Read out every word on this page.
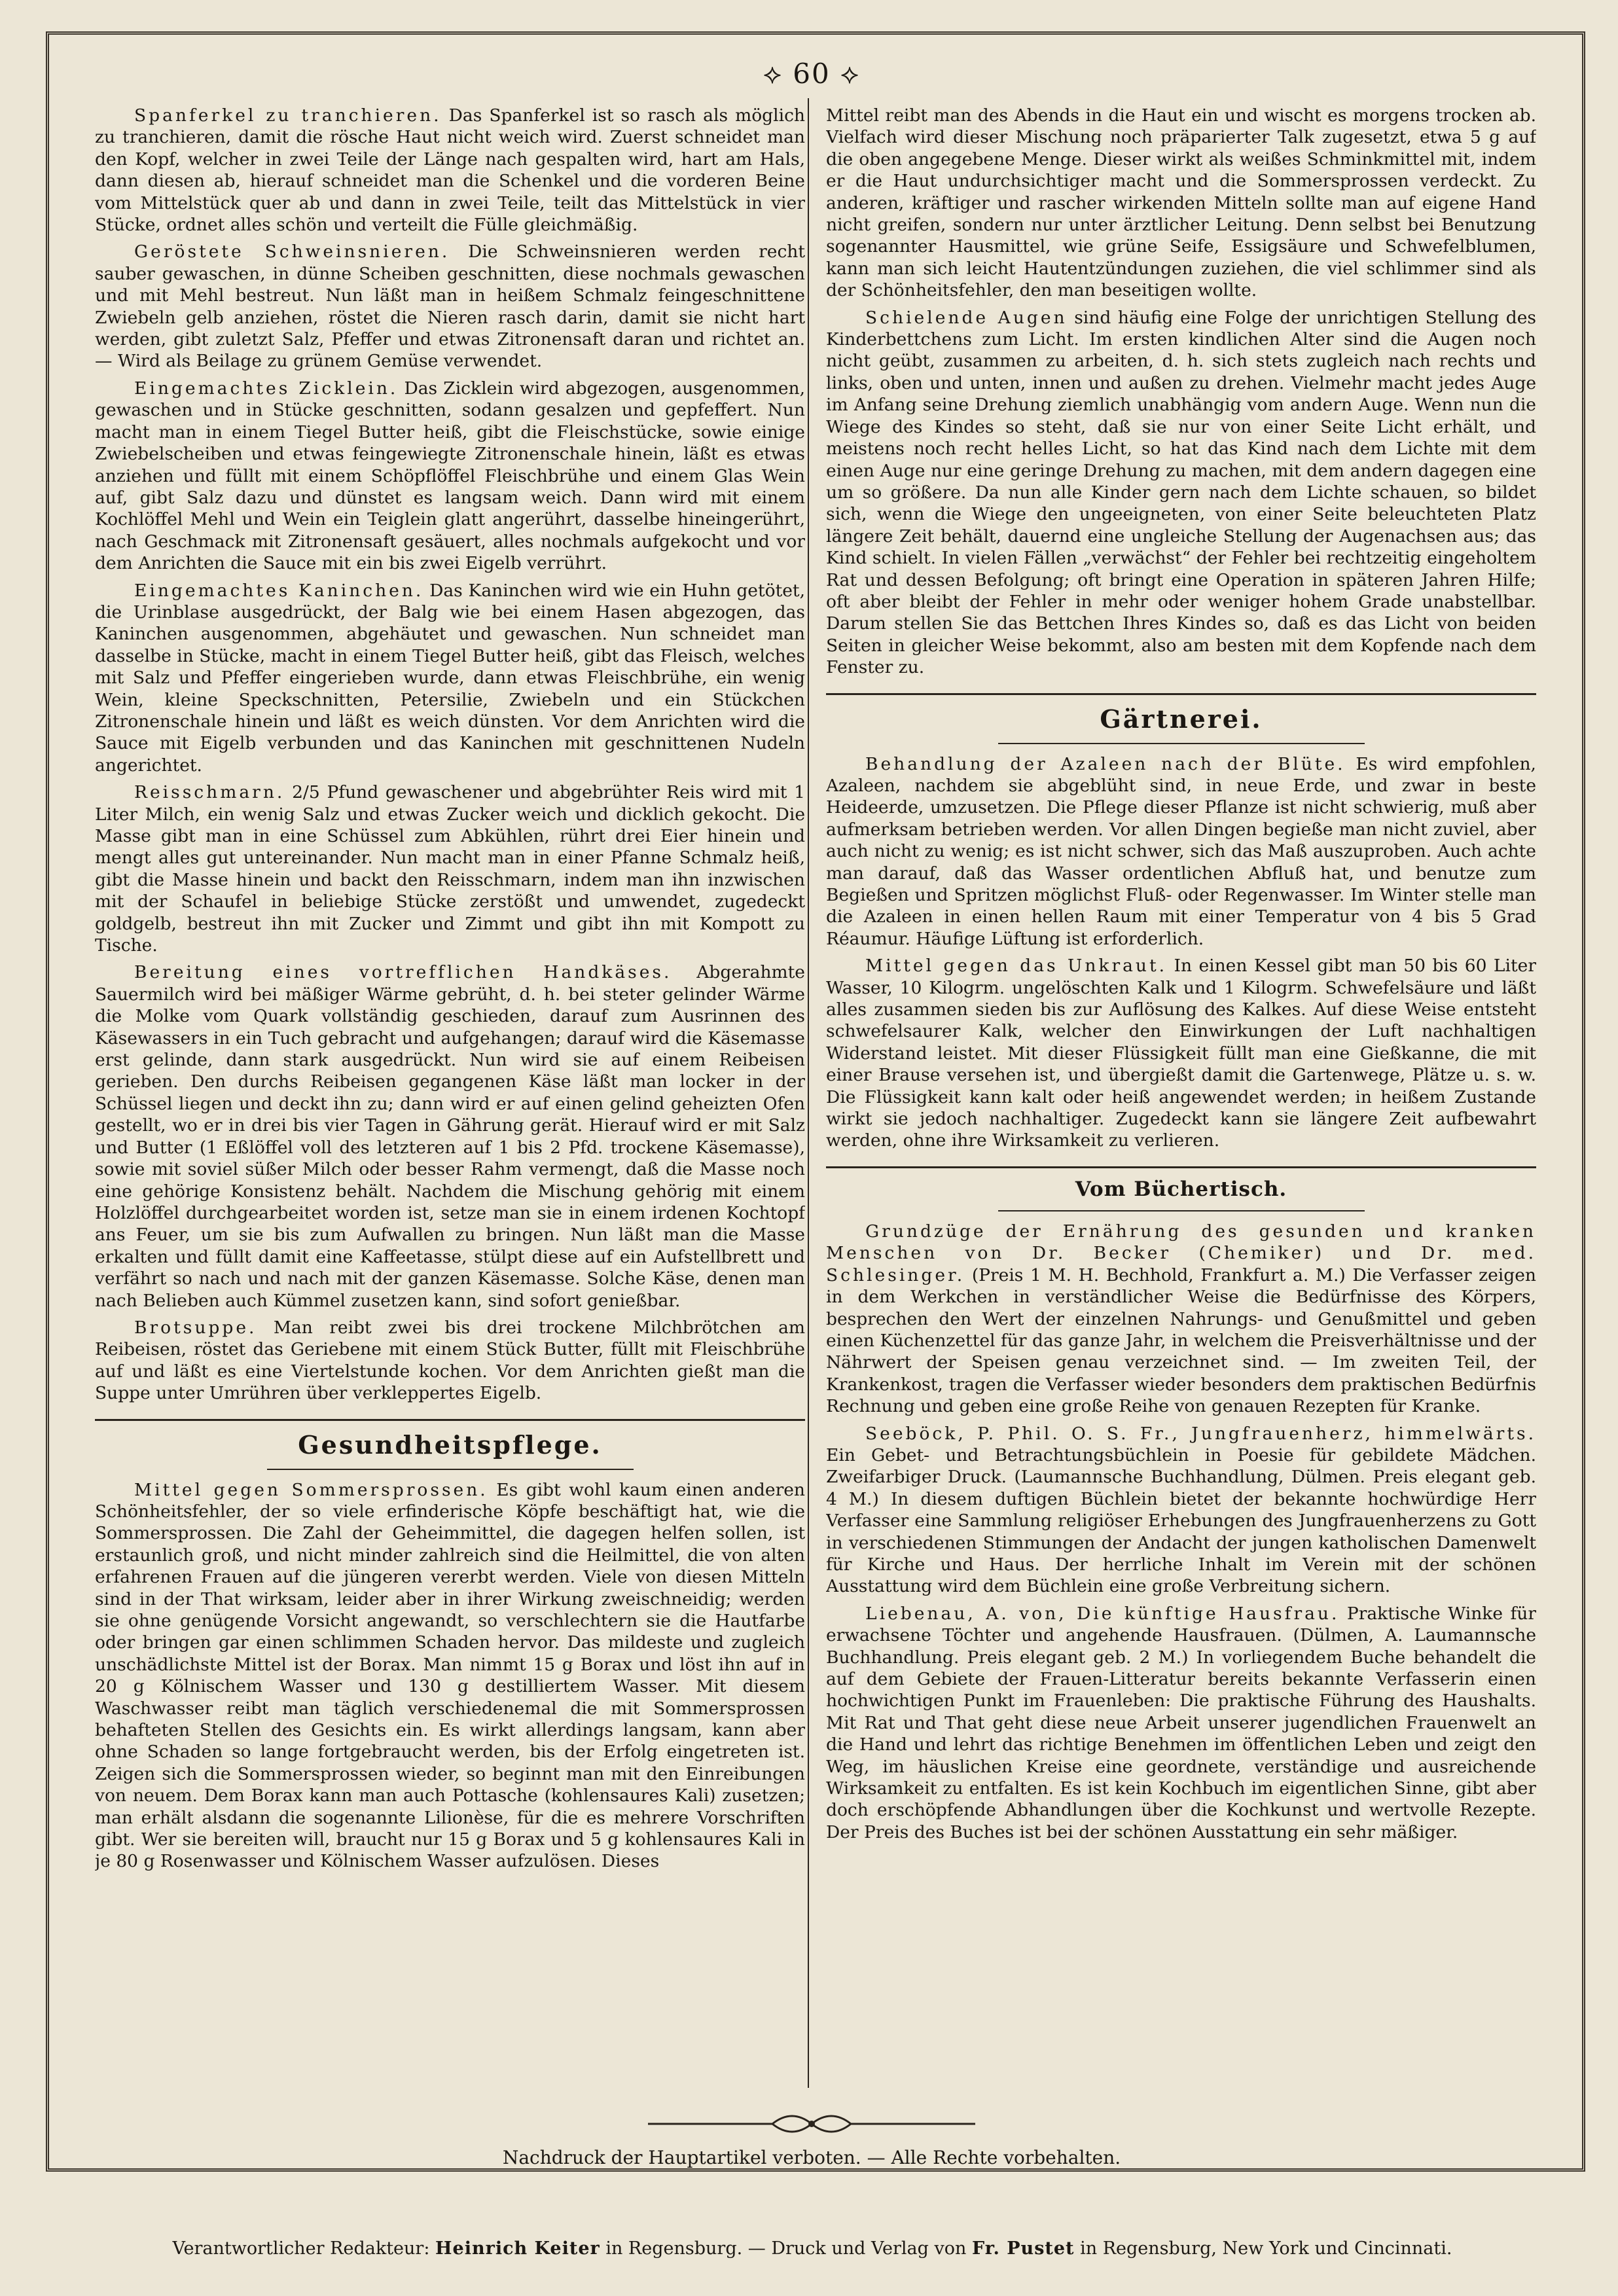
⟡ 60 ⟡

Spanferkel zu tranchieren. Das Spanferkel ist so rasch als möglich zu tranchieren, damit die rösche Haut nicht weich wird. Zuerst schneidet man den Kopf, welcher in zwei Teile der Länge nach gespalten wird, hart am Hals, dann diesen ab, hierauf schneidet man die Schenkel und die vorderen Beine vom Mittelstück quer ab und dann in zwei Teile, teilt das Mittelstück in vier Stücke, ordnet alles schön und verteilt die Fülle gleichmäßig.

Geröstete Schweinsnieren. Die Schweinsnieren werden recht sauber gewaschen, in dünne Scheiben geschnitten, diese nochmals gewaschen und mit Mehl bestreut. Nun läßt man in heißem Schmalz feingeschnittene Zwiebeln gelb anziehen, röstet die Nieren rasch darin, damit sie nicht hart werden, gibt zuletzt Salz, Pfeffer und etwas Zitronensaft daran und richtet an. — Wird als Beilage zu grünem Gemüse verwendet.

Eingemachtes Zicklein. Das Zicklein wird abgezogen, ausgenommen, gewaschen und in Stücke geschnitten, sodann gesalzen und gepfeffert. Nun macht man in einem Tiegel Butter heiß, gibt die Fleischstücke, sowie einige Zwiebelscheiben und etwas feingewiegte Zitronenschale hinein, läßt es etwas anziehen und füllt mit einem Schöpflöffel Fleischbrühe und einem Glas Wein auf, gibt Salz dazu und dünstet es langsam weich. Dann wird mit einem Kochlöffel Mehl und Wein ein Teiglein glatt angerührt, dasselbe hineingerührt, nach Geschmack mit Zitronensaft gesäuert, alles nochmals aufgekocht und vor dem Anrichten die Sauce mit ein bis zwei Eigelb verrührt.

Eingemachtes Kaninchen. Das Kaninchen wird wie ein Huhn getötet, die Urinblase ausgedrückt, der Balg wie bei einem Hasen abgezogen, das Kaninchen ausgenommen, abgehäutet und gewaschen. Nun schneidet man dasselbe in Stücke, macht in einem Tiegel Butter heiß, gibt das Fleisch, welches mit Salz und Pfeffer eingerieben wurde, dann etwas Fleischbrühe, ein wenig Wein, kleine Speckschnitten, Petersilie, Zwiebeln und ein Stückchen Zitronenschale hinein und läßt es weich dünsten. Vor dem Anrichten wird die Sauce mit Eigelb verbunden und das Kaninchen mit geschnittenen Nudeln angerichtet.

Reisschmarn. 2/5 Pfund gewaschener und abgebrühter Reis wird mit 1 Liter Milch, ein wenig Salz und etwas Zucker weich und dicklich gekocht. Die Masse gibt man in eine Schüssel zum Abkühlen, rührt drei Eier hinein und mengt alles gut untereinander. Nun macht man in einer Pfanne Schmalz heiß, gibt die Masse hinein und backt den Reisschmarn, indem man ihn inzwischen mit der Schaufel in beliebige Stücke zerstößt und umwendet, zugedeckt goldgelb, bestreut ihn mit Zucker und Zimmt und gibt ihn mit Kompott zu Tische.

Bereitung eines vortrefflichen Handkäses. Abgerahmte Sauermilch wird bei mäßiger Wärme gebrüht, d. h. bei steter gelinder Wärme die Molke vom Quark vollständig geschieden, darauf zum Ausrinnen des Käsewassers in ein Tuch gebracht und aufgehangen; darauf wird die Käsemasse erst gelinde, dann stark ausgedrückt. Nun wird sie auf einem Reibeisen gerieben. Den durchs Reibeisen gegangenen Käse läßt man locker in der Schüssel liegen und deckt ihn zu; dann wird er auf einen gelind geheizten Ofen gestellt, wo er in drei bis vier Tagen in Gährung gerät. Hierauf wird er mit Salz und Butter (1 Eßlöffel voll des letzteren auf 1 bis 2 Pfd. trockene Käsemasse), sowie mit soviel süßer Milch oder besser Rahm vermengt, daß die Masse noch eine gehörige Konsistenz behält. Nachdem die Mischung gehörig mit einem Holzlöffel durchgearbeitet worden ist, setze man sie in einem irdenen Kochtopf ans Feuer, um sie bis zum Aufwallen zu bringen. Nun läßt man die Masse erkalten und füllt damit eine Kaffeetasse, stülpt diese auf ein Aufstellbrett und verfährt so nach und nach mit der ganzen Käsemasse. Solche Käse, denen man nach Belieben auch Kümmel zusetzen kann, sind sofort genießbar.

Brotsuppe. Man reibt zwei bis drei trockene Milchbrötchen am Reibeisen, röstet das Geriebene mit einem Stück Butter, füllt mit Fleischbrühe auf und läßt es eine Viertelstunde kochen. Vor dem Anrichten gießt man die Suppe unter Umrühren über verkleppertes Eigelb.

Gesundheitspflege.

Mittel gegen Sommersprossen. Es gibt wohl kaum einen anderen Schönheitsfehler, der so viele erfinderische Köpfe beschäftigt hat, wie die Sommersprossen. Die Zahl der Geheimmittel, die dagegen helfen sollen, ist erstaunlich groß, und nicht minder zahlreich sind die Heilmittel, die von alten erfahrenen Frauen auf die jüngeren vererbt werden. Viele von diesen Mitteln sind in der That wirksam, leider aber in ihrer Wirkung zweischneidig; werden sie ohne genügende Vorsicht angewandt, so verschlechtern sie die Hautfarbe oder bringen gar einen schlimmen Schaden hervor. Das mildeste und zugleich unschädlichste Mittel ist der Borax. Man nimmt 15 g Borax und löst ihn auf in 20 g Kölnischem Wasser und 130 g destilliertem Wasser. Mit diesem Waschwasser reibt man täglich verschiedenemal die mit Sommersprossen behafteten Stellen des Gesichts ein. Es wirkt allerdings langsam, kann aber ohne Schaden so lange fortgebraucht werden, bis der Erfolg eingetreten ist. Zeigen sich die Sommersprossen wieder, so beginnt man mit den Einreibungen von neuem. Dem Borax kann man auch Pottasche (kohlensaures Kali) zusetzen; man erhält alsdann die sogenannte Lilionèse, für die es mehrere Vorschriften gibt. Wer sie bereiten will, braucht nur 15 g Borax und 5 g kohlensaures Kali in je 80 g Rosenwasser und Kölnischem Wasser aufzulösen. Dieses

Mittel reibt man des Abends in die Haut ein und wischt es morgens trocken ab. Vielfach wird dieser Mischung noch präparierter Talk zugesetzt, etwa 5 g auf die oben angegebene Menge. Dieser wirkt als weißes Schminkmittel mit, indem er die Haut undurchsichtiger macht und die Sommersprossen verdeckt. Zu anderen, kräftiger und rascher wirkenden Mitteln sollte man auf eigene Hand nicht greifen, sondern nur unter ärztlicher Leitung. Denn selbst bei Benutzung sogenannter Hausmittel, wie grüne Seife, Essigsäure und Schwefelblumen, kann man sich leicht Hautentzündungen zuziehen, die viel schlimmer sind als der Schönheitsfehler, den man beseitigen wollte.

Schielende Augen sind häufig eine Folge der unrichtigen Stellung des Kinderbettchens zum Licht. Im ersten kindlichen Alter sind die Augen noch nicht geübt, zusammen zu arbeiten, d. h. sich stets zugleich nach rechts und links, oben und unten, innen und außen zu drehen. Vielmehr macht jedes Auge im Anfang seine Drehung ziemlich unabhängig vom andern Auge. Wenn nun die Wiege des Kindes so steht, daß sie nur von einer Seite Licht erhält, und meistens noch recht helles Licht, so hat das Kind nach dem Lichte mit dem einen Auge nur eine geringe Drehung zu machen, mit dem andern dagegen eine um so größere. Da nun alle Kinder gern nach dem Lichte schauen, so bildet sich, wenn die Wiege den ungeeigneten, von einer Seite beleuchteten Platz längere Zeit behält, dauernd eine ungleiche Stellung der Augenachsen aus; das Kind schielt. In vielen Fällen „verwächst“ der Fehler bei rechtzeitig eingeholtem Rat und dessen Befolgung; oft bringt eine Operation in späteren Jahren Hilfe; oft aber bleibt der Fehler in mehr oder weniger hohem Grade unabstellbar. Darum stellen Sie das Bettchen Ihres Kindes so, daß es das Licht von beiden Seiten in gleicher Weise bekommt, also am besten mit dem Kopfende nach dem Fenster zu.

Gärtnerei.

Behandlung der Azaleen nach der Blüte. Es wird empfohlen, Azaleen, nachdem sie abgeblüht sind, in neue Erde, und zwar in beste Heideerde, umzusetzen. Die Pflege dieser Pflanze ist nicht schwierig, muß aber aufmerksam betrieben werden. Vor allen Dingen begieße man nicht zuviel, aber auch nicht zu wenig; es ist nicht schwer, sich das Maß auszuproben. Auch achte man darauf, daß das Wasser ordentlichen Abfluß hat, und benutze zum Begießen und Spritzen möglichst Fluß- oder Regenwasser. Im Winter stelle man die Azaleen in einen hellen Raum mit einer Temperatur von 4 bis 5 Grad Réaumur. Häufige Lüftung ist erforderlich.

Mittel gegen das Unkraut. In einen Kessel gibt man 50 bis 60 Liter Wasser, 10 Kilogrm. ungelöschten Kalk und 1 Kilogrm. Schwefelsäure und läßt alles zusammen sieden bis zur Auflösung des Kalkes. Auf diese Weise entsteht schwefelsaurer Kalk, welcher den Einwirkungen der Luft nachhaltigen Widerstand leistet. Mit dieser Flüssigkeit füllt man eine Gießkanne, die mit einer Brause versehen ist, und übergießt damit die Gartenwege, Plätze u. s. w. Die Flüssigkeit kann kalt oder heiß angewendet werden; in heißem Zustande wirkt sie jedoch nachhaltiger. Zugedeckt kann sie längere Zeit aufbewahrt werden, ohne ihre Wirksamkeit zu verlieren.

Vom Büchertisch.

Grundzüge der Ernährung des gesunden und kranken Menschen von Dr. Becker (Chemiker) und Dr. med. Schlesinger. (Preis 1 M. H. Bechhold, Frankfurt a. M.) Die Verfasser zeigen in dem Werkchen in verständlicher Weise die Bedürfnisse des Körpers, besprechen den Wert der einzelnen Nahrungs- und Genußmittel und geben einen Küchenzettel für das ganze Jahr, in welchem die Preisverhältnisse und der Nährwert der Speisen genau verzeichnet sind. — Im zweiten Teil, der Krankenkost, tragen die Verfasser wieder besonders dem praktischen Bedürfnis Rechnung und geben eine große Reihe von genauen Rezepten für Kranke.

Seeböck, P. Phil. O. S. Fr., Jungfrauenherz, himmelwärts. Ein Gebet- und Betrachtungsbüchlein in Poesie für gebildete Mädchen. Zweifarbiger Druck. (Laumannsche Buchhandlung, Dülmen. Preis elegant geb. 4 M.) In diesem duftigen Büchlein bietet der bekannte hochwürdige Herr Verfasser eine Sammlung religiöser Erhebungen des Jungfrauenherzens zu Gott in verschiedenen Stimmungen der Andacht der jungen katholischen Damenwelt für Kirche und Haus. Der herrliche Inhalt im Verein mit der schönen Ausstattung wird dem Büchlein eine große Verbreitung sichern.

Liebenau, A. von, Die künftige Hausfrau. Praktische Winke für erwachsene Töchter und angehende Hausfrauen. (Dülmen, A. Laumannsche Buchhandlung. Preis elegant geb. 2 M.) In vorliegendem Buche behandelt die auf dem Gebiete der Frauen-Litteratur bereits bekannte Verfasserin einen hochwichtigen Punkt im Frauenleben: Die praktische Führung des Haushalts. Mit Rat und That geht diese neue Arbeit unserer jugendlichen Frauenwelt an die Hand und lehrt das richtige Benehmen im öffentlichen Leben und zeigt den Weg, im häuslichen Kreise eine geordnete, verständige und ausreichende Wirksamkeit zu entfalten. Es ist kein Kochbuch im eigentlichen Sinne, gibt aber doch erschöpfende Abhandlungen über die Kochkunst und wertvolle Rezepte. Der Preis des Buches ist bei der schönen Ausstattung ein sehr mäßiger.

Nachdruck der Hauptartikel verboten. — Alle Rechte vorbehalten.
Verantwortlicher Redakteur: Heinrich Keiter in Regensburg. — Druck und Verlag von Fr. Pustet in Regensburg, New York und Cincinnati.
